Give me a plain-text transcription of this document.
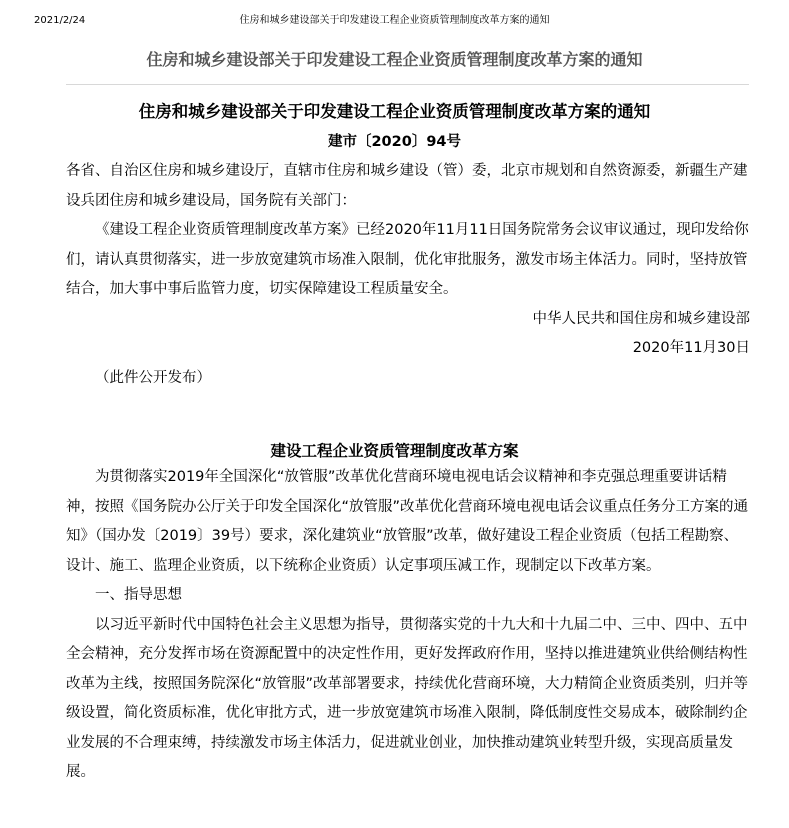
2021/2/24	住房和城乡建设部关于印发建设工程企业资质管理制度改革方案的通知
住房和城乡建设部关于印发建设工程企业资质管理制度改革方案的通知
住房和城乡建设部关于印发建设工程企业资质管理制度改革方案的通知
建市〔2020〕94号

各省、自治区住房和城乡建设厅，直辖市住房和城乡建设（管）委，北京市规划和自然资源委，新疆生产建设兵团住房和城乡建设局，国务院有关部门：

《建设工程企业资质管理制度改革方案》已经2020年11月11日国务院常务会议审议通过，现印发给你们，请认真贯彻落实，进一步放宽建筑市场准入限制，优化审批服务，激发市场主体活力。同时，坚持放管结合，加大事中事后监管力度，切实保障建设工程质量安全。

中华人民共和国住房和城乡建设部

2020年11月30日

（此件公开发布）

建设工程企业资质管理制度改革方案

为贯彻落实2019年全国深化“放管服”改革优化营商环境电视电话会议精神和李克强总理重要讲话精神，按照《国务院办公厅关于印发全国深化“放管服”改革优化营商环境电视电话会议重点任务分工方案的通知》（国办发〔2019〕39号）要求，深化建筑业“放管服”改革，做好建设工程企业资质（包括工程勘察、设计、施工、监理企业资质，以下统称企业资质）认定事项压减工作，现制定以下改革方案。

一、指导思想

以习近平新时代中国特色社会主义思想为指导，贯彻落实党的十九大和十九届二中、三中、四中、五中全会精神，充分发挥市场在资源配置中的决定性作用，更好发挥政府作用，坚持以推进建筑业供给侧结构性改革为主线，按照国务院深化“放管服”改革部署要求，持续优化营商环境，大力精简企业资质类别，归并等级设置，简化资质标准，优化审批方式，进一步放宽建筑市场准入限制，降低制度性交易成本，破除制约企业发展的不合理束缚，持续激发市场主体活力，促进就业创业，加快推动建筑业转型升级，实现高质量发展。
